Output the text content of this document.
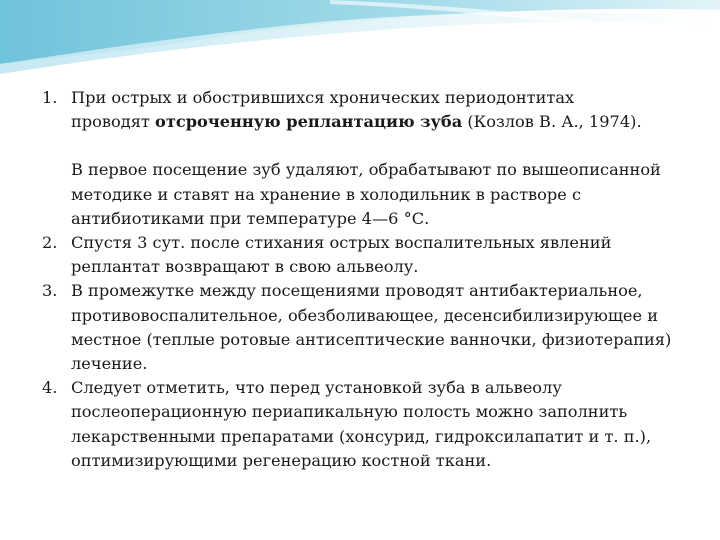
1. При острых и обострившихся хронических периодонтитах
проводят отсроченную реплантацию зуба (Козлов В. А., 1974).
В первое посещение зуб удаляют, обрабатывают по вышеописанной методике и ставят на хранение в холодильник в растворе с антибиотиками при температуре 4—6 °С.
2. Спустя 3 сут. после стихания острых воспалительных явлений реплантат возвращают в свою альвеолу.
3. В промежутке между посещениями проводят антибактериальное, противовоспалительное, обезболивающее, десенсибилизирующее и местное (теплые ротовые антисептические ванночки, физиотерапия) лечение.
4. Следует отметить, что перед установкой зуба в альвеолу послеоперационную периапикальную полость можно заполнить лекарственными препаратами (хонсурид, гидроксилапатит и т. п.), оптимизирующими регенерацию костной ткани.
